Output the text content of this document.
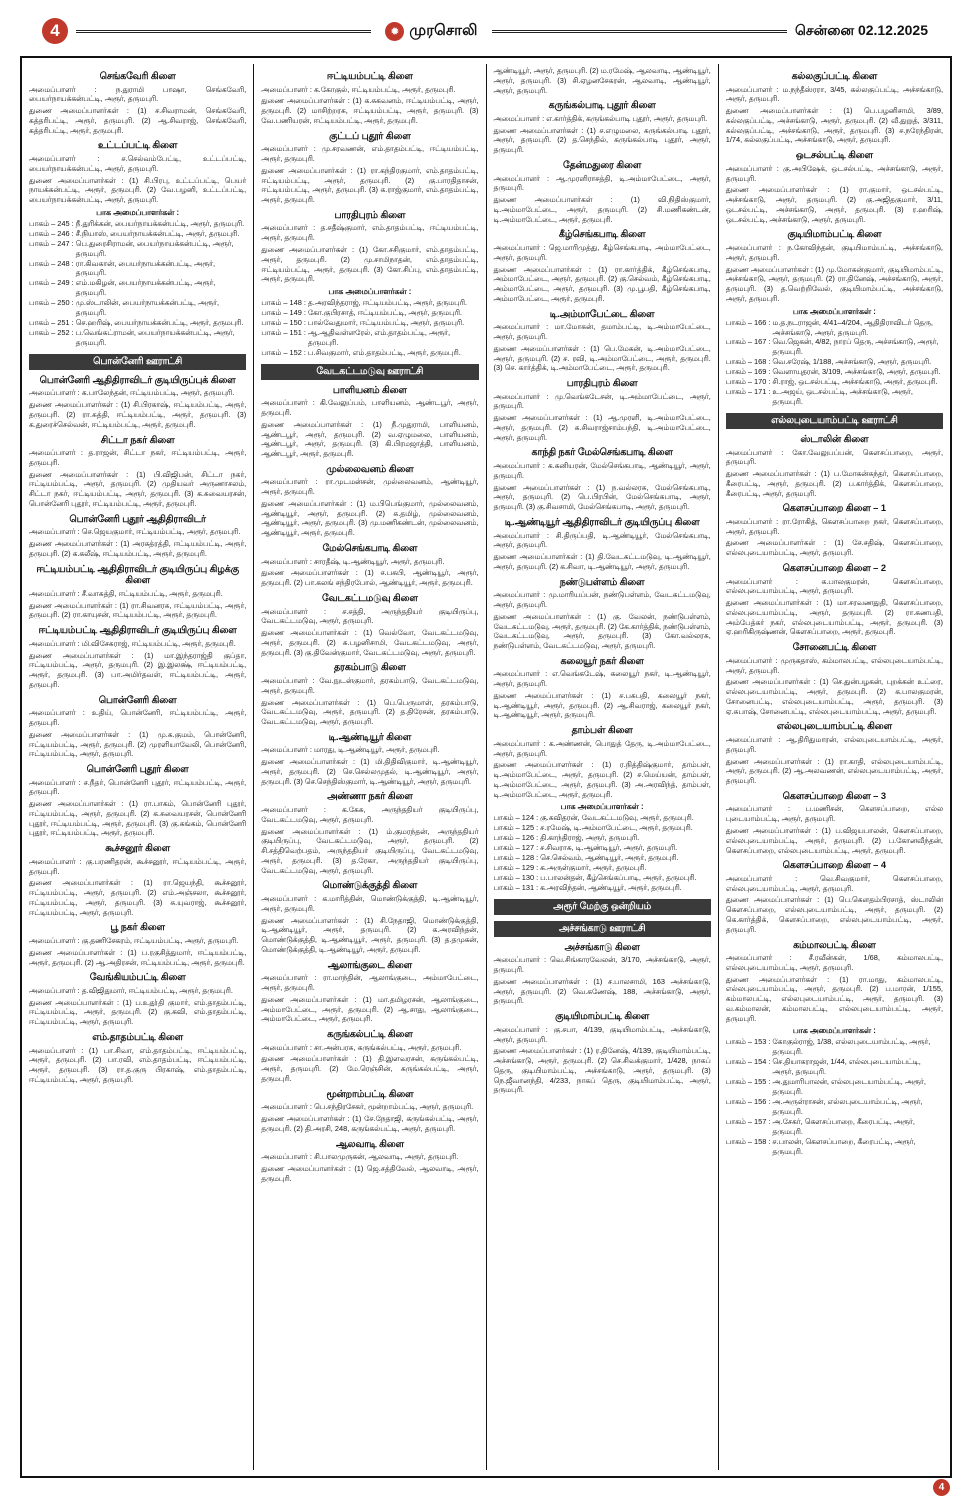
4	✹ முரசொலி	சென்னை 02.12.2025
செங்கவேரி கிளை

அமைப்பாளர் : ந.துரா‌மி பாஷா, செங்கவேரி, பையர்நாயக்கன்பட்டி, அரூர், தருமபுரி.

துணை அமைப்பாளர்கள் : (1) ச.சிவராமன், செங்கவேரி, கத்தரிபட்டி, அரூர், தருமபுரி. (2) ஆ.சிவராஜ், செங்கவேரி, கத்தரிபட்டி, அரூர், தருமபுரி.

உட்டப்பட்டி கிளை

அமைப்பாளர் : ச.செல்வம்பேட்டி, உட்டப்பட்டி, பையர்நாயக்கன்பட்டி, அரூர், தருமபுரி.

துணை அமைப்பாளர்கள் : (1) சி.பிரபு, உட்டப்பட்டி, பெயர் நாயக்கன்பட்டி, அரூர், தருமபுரி. (2) வே.பழனி, உட்டப்பட்டி, பையர்நாயக்கன்பட்டி, அரூர், தருமபுரி.

பாக அமைப்பாளர்கள் :
பாகம் – 245 : நீ.துரிக்கன், பையர்நாயக்கன்பட்டி, அரூர், தருமபுரி.
பாகம் – 246 : சீ.நியாஸ், பையர்நாயக்கன்பட்டி, அரூர், தருமபுரி.
பாகம் – 247 : பெ.துரைசிராமன், பையர்நாயக்கன்பட்டி, அரூர், தருமபுரி.
பாகம் – 248 : ரா.கிவகான், பையர்நாயக்கன்பட்டி, அரூர், தருமபுரி.
பாகம் – 249 : எம்.மகிழன், பையர்நாயக்கன்பட்டி, அரூர், தருமபுரி.
பாகம் – 250 : மு.ஸ்டாலின், பையர்நாயக்கன்பட்டி, அரூர், தருமபுரி.
பாகம் – 251 : செ.ஹரிஷ், பையர்நாயக்கன்பட்டி, அரூர், தருமபுரி.
பாகம் – 252 : ப.வெங்கட்ராமன், பையர்நாயக்கன்பட்டி, அரூர், தருமபுரி.
பொன்னேரி ஊராட்சி
பொன்னேரி ஆதிதிராவிடர் குடியிருப்புக் கிளை

அமைப்பாளர் : க.பாலேந்தன், ஈட்டியம்பட்டி, அரூர், தருமபுரி.

துணை அமைப்பாளர்கள் : (1) சி.பிரகாஷ், ஈட்டியம்பட்டி, அரூர், தருமபுரி. (2) ரா.சுத்தி, ஈட்டியம்பட்டி, அரூர், தருமபுரி. (3) க.துரைச்செல்வன், ஈட்டியம்பட்டி, அரூர், தருமபுரி.

சிட்டா நகர் கிளை

அமைப்பாளர் : த.ராஜன், சிட்டா நகர், ஈட்டியம்பட்டி, அரூர், தருமபுரி.

துணை அமைப்பாளர்கள் : (1) பி.விஜிபன், சிட்டா நகர், ஈட்டியம்பட்டி, அரூர், தருமபுரி. (2) முதியவர் அருணாசலம், சிட்டா நகர், ஈட்டியம்பட்டி, அரூர், தருமபுரி. (3) க.சுவையரசன், பொன்னேரி புதூர், ஈட்டியம்பட்டி, அரூர், தருமபுரி.

பொன்னேரி புதூர் ஆதிதிராவிடர்

அமைப்பாளர் : செ.ஜெயகுமார், ஈட்டியம்பட்டி, அரூர், தருமபுரி.

துணை அமைப்பாளர்கள் : (1) அரசுத்ரத்தி, ஈட்டியம்பட்டி, அரூர், தருமபுரி. (2) க.கலீஷ், ஈட்டியம்பட்டி, அரூர், தருமபுரி.

ஈட்டியம்பட்டி ஆதிதிராவிடர் குடியிருப்பு கிழக்கு கிளை

அமைப்பாளர் : சீ.வாசுத்தி, ஈட்டியம்பட்டி, அரூர், தருமபுரி.

துணை அமைப்பாளர்கள் : (1) ரா.சிவனரசு, ஈட்டியம்பட்டி, அரூர், தருமபுரி. (2) ரா.காயுசன், ஈட்டியம்பட்டி, அரூர், தருமபுரி.

ஈட்டியம்பட்டி ஆதிதிராவிடர் குடியிருப்பு கிளை

அமைப்பாளர் : மி.விசேசுராஜ், ஈட்டியம்பட்டி, அரூர், தருமபுரி.

துணை அமைப்பாளர்கள் : (1) மா.இந்தராஜ்தி குப்தா, ஈட்டியம்பட்டி, அரூர், தருமபுரி. (2) இ.இலக்ஷ், ஈட்டியம்பட்டி, அரூர், தருமபுரி. (3) பா.அமிர்தவள், ஈட்டியம்பட்டி, அரூர், தருமபுரி.

பொன்னேரி கிளை

அமைப்பாளர் : உதிய், பொன்னேரி, ஈட்டியம்பட்டி, அரூர், தருமபுரி.

துணை அமைப்பாளர்கள் : (1) மு.க.குமம், பொன்னேரி, ஈட்டியம்பட்டி, அரூர், தருமபுரி. (2) முரளியாவேலி, பொன்னேரி, ஈட்டியம்பட்டி, அரூர், தருமபுரி.

பொன்னேரி புதூர் கிளை

அமைப்பாளர் : ச.நீதர், பொன்னேரி புதூர், ஈட்டியம்பட்டி, அரூர், தருமபுரி.

துணை அமைப்பாளர்கள் : (1) ரா.பாகம், பொன்னேரி புதூர், ஈட்டியம்பட்டி, அரூர், தருமபுரி. (2) க.சுவையரசன், பொன்னேரி புதூர், ஈட்டியம்பட்டி, அரூர், தருமபுரி. (3) கு.கங்கம், பொன்னேரி புதூர், ஈட்டியம்பட்டி, அரூர், தருமபுரி.

கூச்சனூர் கிளை

அமைப்பாளர் : கு.பரணிதரன், கூச்சனூர், ஈட்டியம்பட்டி, அரூர், தருமபுரி.

துணை அமைப்பாளர்கள் : (1) ரா.ஜெயந்தி, கூச்சனூர், ஈட்டியம்பட்டி, அரூர், தருமபுரி. (2) எம்.அஞ்சலா, கூச்சனூர், ஈட்டியம்பட்டி, அரூர், தருமபுரி. (3) சு.யுவராஜ், கூச்சனூர், ஈட்டியம்பட்டி, அரூர், தருமபுரி.

பூ நகர் கிளை

அமைப்பாளர் : கு.தணிசேகரம், ஈட்டியம்பட்டி, அரூர், தருமபுரி.

துணை அமைப்பாளர்கள் : (1) ப.ரகுசித்துமார், ஈட்டியம்பட்டி, அரூர், தருமபுரி. (2) ஆ.அதிரசன், ஈட்டியம்பட்டி, அரூர், தருமபுரி.

வேங்கியம்பட்டி கிளை

அமைப்பாளர் : த.விஜிதுமார், ஈட்டியம்பட்டி, அரூர், தருமபுரி.

துணை அமைப்பாளர்கள் : (1) ப.உதூ்தி குமார், எம்.தாதம்பட்டி, ஈட்டியம்பட்டி, அரூர், தருமபுரி. (2) கு.கவி, எம்.தாதம்பட்டி, ஈட்டியம்பட்டி, அரூர், தருமபுரி.

எம்.தாதம்பட்டி கிளை

அமைப்பாளர் : (1) பா.சிவா, எம்.தாதம்பட்டி, ஈட்டியம்பட்டி, அரூர், தருமபுரி. (2) பா.ரவி, எம்.தாதம்பட்டி, ஈட்டியம்பட்டி, அரூர், தருமபுரி. (3) ரா.த.குரு பிரகாஷ், எம்.தாதம்பட்டி, ஈட்டியம்பட்டி, அரூர், தருமபுரி.

ஈட்டியம்பட்டி கிளை

அமைப்பாளர் : க.கோகுல், ஈட்டியம்பட்டி, அரூர், தருமபுரி.

துணை அமைப்பாளர்கள் : (1) க.சுகவனம், ஈட்டியம்பட்டி, அரூர், தருமபுரி. (2) மாசிற்றரசு, ஈட்டியம்பட்டி, அரூர், தருமபுரி. (3) வே.பணியரன், ஈட்டியம்பட்டி, அரூர், தருமபுரி.

குட்டப் புதூர் கிளை

அமைப்பாளர் : மு.சரவணன், எம்.தாதம்பட்டி, ஈட்டியம்பட்டி, அரூர், தருமபுரி.

துணை அமைப்பாளர்கள் : (1) ரா.கந்திரகுமார், எம்.தாதம்பட்டி, ஈட்டியம்பட்டி, அரூர், தருமபுரி. (2) கு.பாரதிதாசன், ஈட்டியம்பட்டி, அரூர், தருமபுரி. (3) க.ராஜ்குமார், எம்.தாதம்பட்டி, அரூர், தருமபுரி.

பாரதிபுரம் கிளை

அமைப்பாளர் : த.சதீஷ்குமார், எம்.தாதம்பட்டி, ஈட்டியம்பட்டி, அரூர், தருமபுரி.

துணை அமைப்பாளர்கள் : (1) கோ.சசிகுமார், எம்.தாதம்பட்டி, அரூர், தருமபுரி. (2) மு.சாமிநாதன், எம்.தாதம்பட்டி, ஈட்டியம்பட்டி, அரூர், தருமபுரி. (3) கோ.சிப்பு, எம்.தாதம்பட்டி, அரூர், தருமபுரி.

பாக அமைப்பாளர்கள் :
பாகம் – 148 : த.அரவிந்தராஜ், ஈட்டியம்பட்டி, அரூர், தருமபுரி.
பாகம் – 149 : கோ.குபிரசாத், ஈட்டியம்பட்டி, அரூர், தருமபுரி.
பாகம் – 150 : பால்வேதுமார், ஈட்டியம்பட்டி, அரூர், தருமபுரி.
பாகம் – 151 : ஆ.ஆதிவள்ளரேல், எம்.தாதம்பட்டி, அரூர், தருமபுரி.
பாகம் – 152 : ப.சிவகுமார், எம்.தாதம்பட்டி, அரூர், தருமபுரி.
வேடகட்டமடுவு ஊராட்சி
பாளியனம் கிளை

அமைப்பாளர் : கி.வேலுப்பம், பாளியனம், ஆண்டபூர், அரூர், தருமபுரி.

துணை அமைப்பாளர்கள் : (1) நீ.முதுராமி, பாளியனம், ஆண்டபூர், அரூர், தருமபுரி. (2) வ.ஏழுமலை, பாளியனம், ஆண்டபூர், அரூர், தருமபுரி. (3) கி.பிரமஜாத்தி, பாளியனம், ஆண்டபூர், அரூர், தருமபுரி.

முல்லைவனம் கிளை

அமைப்பாளர் : ரா.முடமன்சன், முல்லைவனம், ஆண்டியூர், அரூர், தருமபுரி.

துணை அமைப்பாளர்கள் : (1) ம.பிபெங்குமார், முல்லைவனம், ஆண்டியூர், அரூர், தருமபுரி. (2) சு.தமிழ், முல்லைவனம், ஆண்டியூர், அரூர், தருமபுரி. (3) மு.மணிகண்டன், முல்லைவனம், ஆண்டியூர், அரூர், தருமபுரி.

மேல்செங்கபாடி கிளை

அமைப்பாளர் : சாரதீஷ், டி.ஆண்டியூர், அரூர், தருமபுரி.

துணை அமைப்பாளர்கள் : (1) ச.பசுபி, ஆண்டியூர், அரூர், தருமபுரி. (2) பா.கலங் சந்திரபோல், ஆண்டியூர், அரூர், தருமபுரி.

வேடகட்டமடுவு கிளை

அமைப்பாளர் : ச.சத்தி, அருந்ததியர் குடியிருப்பு, வேடகட்டமடுவு, அரூர், தருமபுரி.

துணை அமைப்பாளர்கள் : (1) வெல்வோ, வேடகட்டமடுவு, அரூர், தருமபுரி. (2) சு.பழனிசாமி, வேடகட்டமடுவு, அரூர், தருமபுரி. (3) கு.திவேன்குமார், வேடகட்டமடுவு, அரூர், தருமபுரி.

தரகம்பாடு கிளை

அமைப்பாளர் : வே.நுடன்குமார், தரகம்பாடு, வேடகட்டமடுவு, அரூர், தருமபுரி.

துணை அமைப்பாளர்கள் : (1) பெ.பெருமாள், தரகம்பாடு, வேடகட்டமடுவு, அரூர், தருமபுரி. (2) த.திரேசன், தரகம்பாடு, வேடகட்டமடுவு, அரூர், தருமபுரி.

டி.ஆண்டியூர் கிளை

அமைப்பாளர் : மாரது, டி.ஆண்டியூர், அரூர், தருமபுரி.

துணை அமைப்பாளர்கள் : (1) மி.திதிவிகுமார், டி.ஆண்டியூர், அரூர், தருமபுரி. (2) செ.செல்லமுதல், டி.ஆண்டியூர், அரூர், தருமபுரி. (3) செ.செந்திஸ்குமார், டி.ஆண்டியூர், அரூர், தருமபுரி.

அண்ணா நகர் கிளை

அமைப்பாளர் : க.கேசு, அருந்ததியர் குடியிருப்பு, வேடகட்டமடுவு, அரூர், தருமபுரி.

துணை அமைப்பாளர்கள் : (1) ம்.குமரந்தன், அருந்ததியர் குடியிருப்பு, வேடகட்டமடுவு, அரூர், தருமபுரி. (2) சி.சத்திவெற்பதம், அருந்ததியர் குடியிருப்பு, வேடகட்டமடுவு, அரூர், தருமபுரி. (3) த.ரேகா, அருந்ததியர் குடியிருப்பு, வேடகட்டமடுவு, அரூர், தருமபுரி.

மொண்டுக்குத்தி கிளை

அமைப்பாளர் : க.மாரித்தின், மொண்டுக்குத்தி, டி.ஆண்டியூர், அரூர், தருமபுரி.

துணை அமைப்பாளர்கள் : (1) சி.நேதாஜி, மொண்டுக்குத்தி, டி.ஆண்டியூர், அரூர், தருமபுரி. (2) க.அரவிந்தன், மொண்டுக்குத்தி, டி.ஆண்டியூர், அரூர், தருமபுரி. (3) த.தமுகன், மொண்டுக்குத்தி, டி.ஆண்டியூர், அரூர், தருமபுரி.

ஆலாங்குடை கிளை

அமைப்பாளர் : ரா.மாந்தின், ஆலாங்குடை, அம்மாபேட்டை, அரூர், தருமபுரி.

துணை அமைப்பாளர்கள் : (1) மா.தமிழரசன், ஆலாங்குடை, அம்மாபேட்டை, அரூர், தருமபுரி. (2) ஆ.சாது, ஆலாங்குடை, அம்மாபேட்டை, அரூர், தருமபுரி.

கருங்கல்பட்டி கிளை

அமைப்பாளர் : சா.அன்பரசு, கருங்கல்பட்டி, அரூர், தருமபுரி.

துணை அமைப்பாளர்கள் : (1) தி.இளவரசன், கருங்கல்பட்டி, அரூர், தருமபுரி. (2) மே.ரெஞ்சின், கருங்கல்பட்டி, அரூர், தருமபுரி.

மூன்றாம்பட்டி கிளை

அமைப்பாளர் : பெ.சந்திரசேகர், மூன்றாம்பட்டி, அரூர், தருமபுரி.

துணை அமைப்பாளர்கள் : (1) சே.நேதாஜி, கருங்கல்பட்டி, அரூர், தருமபுரி. (2) தி.அரசி, 248, கருங்கல்பட்டி, அரூர், தருமபுரி.

ஆலவாடி கிளை

அமைப்பாளர் : சி.பாலமுருகன், ஆலவாடி, அரூர், தருமபுரி.

துணை அமைப்பாளர்கள் : (1) ஜெ.சத்திவேல், ஆலவாடி, அரூர், தருமபுரி.

ஆண்டியூர், அரூர், தருமபுரி. (2) ம.ரமேஷ், ஆலவாடி, ஆண்டியூர், அரூர், தருமபுரி. (3) சி.ஏழனசேகரன், ஆலவாடி, ஆண்டியூர், அரூர், தருமபுரி.

கருங்கல்பாடி புதூர் கிளை

அமைப்பாளர் : எ.கார்த்திக், கருங்கல்பாடி புதூர், அரூர், தருமபுரி.

துணை அமைப்பாளர்கள் : (1) ச.எழுமலை, கருங்கல்பாடி புதூர், அரூர், தருமபுரி. (2) த.செந்தில், கருங்கல்பாடி புதூர், அரூர், தருமபுரி.

தேன்மதுரை கிளை

அமைப்பாளர் : ஆ.முரளிராசத்தி, டி.அம்மாபேட்டை, அரூர், தருமபுரி.

துணை அமைப்பாளர்கள் : (1) வி.நிதிஸ்குமார், டி.அம்மாபேட்டை, அரூர், தருமபுரி. (2) சி.மணிகண்டன், டி.அம்மாபேட்டை, அரூர், தருமபுரி.

கீழ்செங்கபாடி கிளை

அமைப்பாளர் : ஜெ.மாரிமுத்து, கீழ்செங்கபாடி, அம்மாபேட்டை, அரூர், தருமபுரி.

துணை அமைப்பாளர்கள் : (1) ரா.கார்த்திக், கீழ்செங்கபாடி, அம்மாபேட்டை, அரூர், தருமபுரி. (2) கு.செல்வம், கீழ்செங்கபாடி, அம்மாபேட்டை, அரூர், தருமபுரி. (3) மு.பூபதி, கீழ்செங்கபாடி, அம்மாபேட்டை, அரூர், தருமபுரி.

டி.அம்மாபேட்டை கிளை

அமைப்பாளர் : மா.மோகன், தமாம்பட்டி, டி.அம்மாபேட்டை, அரூர், தருமபுரி.

துணை அமைப்பாளர்கள் : (1) பெ.மேகன், டி.அம்மாபேட்டை, அரூர், தருமபுரி. (2) ச. ரவி, டி.அம்மாபேட்டை, அரூர், தருமபுரி. (3) செ. கார்த்திக், டி.அம்மாபேட்டை, அரூர், தருமபுரி.

பாரதிபுரம் கிளை

அமைப்பாளர் : மு.வெங்கடேசன், டி.அம்மாபேட்டை, அரூர், தருமபுரி.

துணை அமைப்பாளர்கள் : (1) ஆ.முரளி, டி.அம்மாபேட்டை, அரூர், தருமபுரி. (2) க.சிவராஜ்சாம்பந்தி, டி.அம்மாபேட்டை, அரூர், தருமபுரி.

காந்தி நகர் மேல்செங்கபாடி கிளை

அமைப்பாளர் : க.கனியரன், மேல்செங்கபாடி, ஆண்டியூர், அரூர், தருமபுரி.

துணை அமைப்பாளர்கள் : (1) ந.வல்லரசு, மேல்செங்கபாடி, அரூர், தருமபுரி. (2) பெ.பிரபின், மேல்செங்கபாடி, அரூர், தருமபுரி. (3) கு.சிவசாமி, மேல்செங்கபாடி, அரூர், தருமபுரி.

டி.ஆண்டியூர் ஆதிதிராவிடர் குடியிருப்பு கிளை

அமைப்பாளர் : சி.திருப்பதி, டி.ஆண்டியூர், மேல்செங்கபாடி, அரூர், தருமபுரி.

துணை அமைப்பாளர்கள் : (1) தி.வேடகட்டமடுவு, டி.ஆண்டியூர், அரூர், தருமபுரி. (2) க.சிவா, டி.ஆண்டியூர், அரூர், தருமபுரி.

நண்டுபள்ளம் கிளை

அமைப்பாளர் : மு.மாரியப்பன், நண்டுபள்ளம், வேடகட்டமடுவு, அரூர், தருமபுரி.

துணை அமைப்பாளர்கள் : (1) கு. வேலன், நண்டுபள்ளம், வேடகட்டமடுவு, அரூர், தருமபுரி. (2) கே.கார்த்திக், நண்டுபள்ளம், வேடகட்டமடுவு, அரூர், தருமபுரி. (3) கோ.வல்லரசு, நண்டுபள்ளம், வேடகட்டமடுவு, அரூர், தருமபுரி.

கலையூர் நகர் கிளை

அமைப்பாளர் : எ.வெங்கடேஷ், கலையூர் நகர், டி.ஆண்டியூர், அரூர், தருமபுரி.

துணை அமைப்பாளர்கள் : (1) ச.பசுபதி, கலையூர் நகர், டி.ஆண்டியூர், அரூர், தருமபுரி. (2) ஆ.சிவராஜ், கலையூர் நகர், டி.ஆண்டியூர், அரூர், தருமபுரி.

தாம்பள் கிளை

அமைப்பாளர் : க.அண்ணன், பொதுத் தேரு, டி.அம்மாபேட்டை, அரூர், தருமபுரி.

துணை அமைப்பாளர்கள் : (1) ர.நித்திஷ்குமார், தாம்பள், டி.அம்மாபேட்டை, அரூர், தருமபுரி. (2) ச.மெய்யன், தாம்பள், டி.அம்மாபேட்டை, அரூர், தருமபுரி. (3) அ.அரவிந்த், தாம்பள், டி.அம்மாபேட்டை, அரூர், தருமபுரி.

பாக அமைப்பாளர்கள் :
பாகம் – 124 : கு.கவிதரன், வேடகட்டமடுவு, அரூர், தருமபுரி.
பாகம் – 125 : ச.ரமேஷ், டி.அம்மாபேட்டை, அரூர், தருமபுரி.
பாகம் – 126 : தி.காந்திராஜ், அரூர், தருமபுரி.
பாகம் – 127 : ச.சிவராசு, டி.ஆண்டியூர், அரூர், தருமபுரி.
பாகம் – 128 : செ.செல்வம், ஆண்டியூர், அரூர், தருமபுரி.
பாகம் – 129 : க.அருள்குமார், அரூர், தருமபுரி.
பாகம் – 130 : ப.பாலன்தன், கீழ்செங்கப்பாடி, அரூர், தருமபுரி.
பாகம் – 131 : க.அரவிந்தன், ஆண்டியூர், அரூர், தருமபுரி.
அரூர் மேற்கு ஒன்றியம்
அச்சங்காடு ஊராட்சி
அச்சங்காடு கிளை

அமைப்பாளர் : வெ.சிங்காரவேலன், 3/170, அச்சங்காடு, அரூர், தருமபுரி.

துணை அமைப்பாளர்கள் : (1) ச.பாலசாமி, 163 அச்சங்காடு, அரூர், தருமபுரி. (2) வெ.கணேஷ், 188, அச்சங்காடு, அரூர், தருமபுரி.

குடியிமாம்பட்டி கிளை

அமைப்பாளர் : கு.சபா, 4/139, குடியிமாம்பட்டி, அச்சங்காடு, அரூர், தருமபுரி.

துணை அமைப்பாளர்கள் : (1) ர.தினேஷ், 4/139, குடியிமாம்பட்டி, அச்சங்காடு, அரூர், தருமபுரி. (2) செ.சிவக்குமார், 1/428, நாகப் தெரு, குடியிமாம்பட்டி, அச்சங்காடு, அரூர், தருமபுரி. (3) நெ.ஜீவானந்தி, 4/233, நாகப் தெரு, குடியிமாம்பட்டி, அரூர், தருமபுரி.

கல்லகுப்பட்டி கிளை

அமைப்பாளர் : ம.நந்தீஸ்ரரா, 3/45, கல்லகுப்பட்டி, அச்சங்காடு, அரூர், தருமபுரி.

துணை அமைப்பாளர்கள் : (1) பெ.பழனிசாமி, 3/89, கல்லகுப்பட்டி, அச்சங்காடு, அரூர், தருமபுரி. (2) வீ.துறுத், 3/311, கல்லகுப்பட்டி, அச்சங்காடு, அரூர், தருமபுரி. (3) ச.நரேந்திரன், 1/74, கல்லகுப்பட்டி, அச்சங்காடு, அரூர், தருமபுரி.

ஒடசல்பட்டி கிளை

அமைப்பாளர் : கு.அபிஷேக், ஒடசல்பட்டி, அச்சங்காடு, அரூர், தருமபுரி.

துணை அமைப்பாளர்கள் : (1) ரா.குமார், ஒடசல்பட்டி, அச்சங்காடு, அரூர், தருமபுரி. (2) கு.அஜிதகுமார், 3/11, ஒடசல்பட்டி, அச்சங்காடு, அரூர், தருமபுரி. (3) ர.ஹரிஷ், ஒடசல்பட்டி, அச்சங்காடு, அரூர், தருமபுரி.

குடியிமாம்பட்டி கிளை

அமைப்பாளர் : ந.கோவிந்தன், குடியிமாம்பட்டி, அச்சங்காடு, அரூர், தருமபுரி.

துணை அமைப்பாளர்கள் : (1) மு.மோகன்குமார், குடியிமாம்பட்டி, அச்சங்காடு, அரூர், தருமபுரி. (2) ரா.தினேஷ், அச்சங்காடு, அரூர், தருமபுரி. (3) த.வெற்றிவேல், குடியிமாம்பட்டி, அச்சங்காடு, அரூர், தருமபுரி.

பாக அமைப்பாளர்கள் :
பாகம் – 166 : ம.த.நடராஜன், 4/41–4/204, ஆதிதிராவிடர் தெரு, அச்சங்காடு, அரூர், தருமபுரி.
பாகம் – 167 : வெ.ஜெகன், 4/82, நாரப் தெரு, அச்சங்காடு, அரூர், தருமபுரி.
பாகம் – 168 : வெ.சரேஷ், 1/188, அச்சங்காடு, அரூர், தருமபுரி.
பாகம் – 169 : வெளாயுதரன், 3/109, அச்சங்காடு, அரூர், தருமபுரி.
பாகம் – 170 : சி.ராஜ், ஒடசல்பட்டி, அச்சங்காடு, அரூர், தருமபுரி.
பாகம் – 171 : உ.அஜய், ஒடசல்பட்டி, அச்சங்காடு, அரூர், தருமபுரி.
எல்லபுடையாம்பட்டி ஊராட்சி
ஸ்டாலின் கிளை

அமைப்பாளர் : கோ.வேலுபப்பன், கௌசப்பாறை, அரூர், தருமபுரி.

துணை அமைப்பாளர்கள் : (1) ப.மோகன்சுந்தர், கௌசப்பாறை, கீரைபட்டி, அரூர், தருமபுரி. (2) ப.கார்த்திக், கௌசப்பாறை, கீரைபட்டி, அரூர், தருமபுரி.

கௌசப்பாறை கிளை – 1

அமைப்பாளர் : ரா.ரோகித், கௌசப்பாறை நகர், கௌசப்பாறை, அரூர், தருமபுரி.

துணை அமைப்பாளர்கள் : (1) சே.சதிஷ், கௌசப்பாறை, எல்லபுடையாம்பட்டி, அரூர், தருமபுரி.

கௌசப்பாறை கிளை – 2

அமைப்பாளர் : க.பாலகுமரன், கௌசப்பாறை, எல்லபுடையாம்பட்டி, அரூர், தருமபுரி.

துணை அமைப்பாளர்கள் : (1) மா.சரவணதுதி, கௌசப்பாறை, எல்லபுடையாம்பட்டி, அரூர், தருமபுரி. (2) ரா.கணபதி, அம்பேத்கர் நகர், எல்லபுடையாம்பட்டி, அரூர், தருமபுரி. (3) ஏ.ஹரிகிருஷ்ணன், கௌசப்பாறை, அரூர், தருமபுரி.

சோனைபட்டி கிளை

அமைப்பாளர் : முருகதாஸ், கம்மாலபட்டி, எல்லபுடையாம்பட்டி, அரூர், தருமபுரி.

துணை அமைப்பாளர்கள் : (1) செ.துன்பழகன், புறக்கன் உட்ரை, எல்லபுடையாம்பட்டி, அரூர், தருமபுரி. (2) க.பாலகுமரன், சோனைபட்டி, எல்லபுடையாம்பட்டி, அரூர், தருமபுரி. (3) ஏ.சுபாஷ், சோனைபட்டி, எல்லபுடையாம்பட்டி, அரூர், தருமபுரி.

எல்லபுடையாம்பட்டி கிளை

அமைப்பாளர் : ஆ.திரிதுமாரன், எல்லபுடையாம்பட்டி, அரூர், தருமபுரி.

துணை அமைப்பாளர்கள் : (1) ரா.காதி, எல்லபுடையாம்பட்டி, அரூர், தருமபுரி. (2) ஆ.அலவணன், எல்லபுடையாம்பட்டி, அரூர், தருமபுரி.

கௌசப்பாறை கிளை – 3

அமைப்பாளர் : ப.மணிசன், கௌசப்பாறை, எல்ல புடையாம்பட்டி, அரூர், தருமபுரி.

துணை அமைப்பாளர்கள் : (1) ப.விஜயபாலன், கௌசப்பாறை, எல்லபுடையாம்பட்டி, அரூர், தருமபுரி. (2) ப.கோனவீந்தன், கௌசப்பாறை, எல்லபுடையாம்பட்டி, அரூர், தருமபுரி.

கௌசப்பாறை கிளை – 4

அமைப்பாளர் : வெ.சிவகுமார், கௌசப்பாறை, எல்லபுடையாம்பட்டி, அரூர், தருமபுரி.

துணை அமைப்பாளர்கள் : (1) பெ.கௌதம்பிரசாத், ஸ்டாலின் கௌசப்பாறை, எல்லபுடையாம்பட்டி, அரூர், தருமபுரி. (2) கெ.கார்த்திக், கௌசப்பாறை, எல்லபுடையாம்பட்டி, அரூர், தருமபுரி.

கம்மாலபட்டி கிளை

அமைப்பாளர் : சீ.ரவீன்கள், 1/68, கம்மாலபட்டி, எல்லபுடையாம்பட்டி, அரூர், தருமபுரி.

துணை அமைப்பாளர்கள் : (1) ரா.மாது, கம்மாலபட்டி, எல்லபுடையாம்பட்டி, அரூர், தருமபுரி. (2) ப.மாரன், 1/155, கம்மாலபட்டி, எல்லபுடையாம்பட்டி, அரூர், தருமபுரி. (3) வ.கம்மாலன், கம்மாலபட்டி, எல்லபுடையாம்பட்டி, அரூர், தருமபுரி.

பாக அமைப்பாளர்கள் :
பாகம் – 153 : கோகுல்ராஜ், 1/38, எல்லபுடையாம்பட்டி, அரூர், தருமபுரி.
பாகம் – 154 : செ.தியாகராஜன், 1/44, எல்லபுடையாம்பட்டி, அரூர், தருமபுரி.
பாகம் – 155 : அ.துமாரிபாலன், எல்லபுடையாம்பட்டி, அரூர், தருமபுரி.
பாகம் – 156 : அ.அருள்ராசன், எல்லபுடையாம்பட்டி, அரூர், தருமபுரி.
பாகம் – 157 : அ.சேகர், கௌசப்பாறை, கீரைபட்டி, அரூர், தருமபுரி.
பாகம் – 158 : ச.பாலன், கௌசப்பாறை, கீரைபட்டி, அரூர், தருமபுரி.
4
